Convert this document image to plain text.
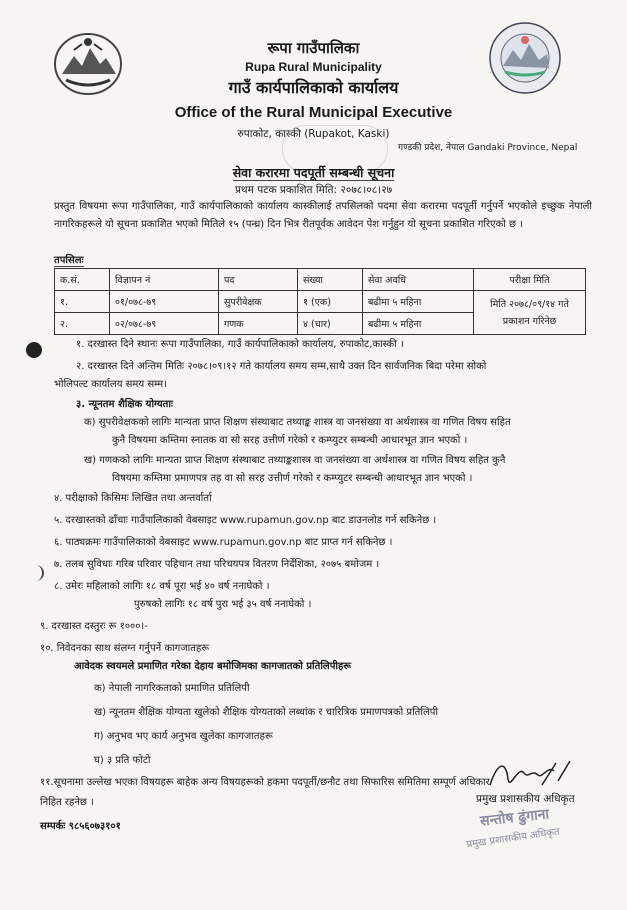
रूपा गाउँपालिका
Rupa Rural Municipality
गाउँ कार्यपालिकाको कार्यालय
Office of the Rural Municipal Executive
रुपाकोट, कास्की (Rupakot, Kaski)
गण्डकी प्रदेश, नेपाल Gandaki Province, Nepal
सेवा करारमा पदपूर्ती सम्बन्धी सूचना
प्रथम पटक प्रकाशित मिति: २०७८।०८।२७
प्रस्तुत विषयमा रूपा गाउँपालिका, गाउँ कार्यपालिकाको कार्यालय कास्कीलाई तपसिलको पदमा सेवा करारमा पदपूर्ती गर्नुपर्ने भएकोले इच्छुक नेपाली नागरिकहरूले यो सूचना प्रकाशित भएको मितिले १५ (पन्ध्र) दिन भित्र रीतपूर्वक आवेदन पेश गर्नुहुन यो सूचना प्रकाशित गरिएको छ ।
तपसिलः
क.सं.	विज्ञापन नं	पद	संख्या	सेवा अवधि	परीक्षा मिति
१.	०१/०७८-७९	सुपरीवेक्षक	१ (एक)	बढीमा ५ महिना	मिति २०७८/०९/१४ गते प्रकाशन गरिनेछ
२.	०२/०७८-७९	गणक	४ (चार)	बढीमा ५ महिना	
१. दरखास्त दिने स्थानः रूपा गाउँपालिका, गाउँ कार्यपालिकाको कार्यालय, रुपाकोट,कास्की ।
२. दरखास्त दिने अन्तिम मितिः २०७८।०९।१२ गते कार्यालय समय सम्म,साथै उक्त दिन सार्वजनिक बिदा परेमा सोको
भोलिपल्ट कार्यालय समय सम्म।
३. न्यूनतम शैक्षिक योग्यताः
क) सुपरीवेक्षकको लागिः मान्यता प्राप्त शिक्षण संस्थाबाट तथ्याङ्क शास्त्र वा जनसंख्या वा अर्थशास्त्र वा गणित विषय सहित
कुनै विषयमा कम्तिमा स्नातक वा सो सरह उत्तीर्ण गरेको र कम्प्युटर सम्बन्धी आधारभूत ज्ञान भएको ।
ख) गणकको लागिः मान्यता प्राप्त शिक्षण संस्थाबाट तथ्याङ्कशास्त्र वा जनसंख्या वा अर्थशास्त्र वा गणित विषय सहित कुनै
विषयमा कम्तिमा प्रमाणपत्र तह वा सो सरह उत्तीर्ण गरेको र कम्प्युटर सम्बन्धी आधारभूत ज्ञान भएको ।
४. परीक्षाको किसिमः लिखित तथा अन्तर्वार्ता
५. दरखास्तको ढाँचाः गाउँपालिकाको वेबसाइट www.rupamun.gov.np बाट डाउनलोड गर्न सकिनेछ ।
६. पाठ्यक्रमः गाउँपालिकाको वेबसाइट www.rupamun.gov.np बाट प्राप्त गर्न सकिनेछ ।
७. तलब सुविधाः गरिब परिवार पहिचान तथा परिचयपत्र वितरण निर्देशिका, २०७५ बमोजम ।
८. उमेरः महिलाको लागिः १८ वर्ष पूरा भई ४० वर्ष ननाघेको ।
पुरुषको लागिः १८ वर्ष पुरा भई ३५ वर्ष ननाघेको ।
९. दरखास्त दस्तुरः रू १०००।-
१०. निवेदनका साथ संलग्न गर्नुपर्ने कागजातहरू
आवेदक स्वयमले प्रमाणित गरेका देहाय बमोजिमका कागजातको प्रतिलिपीहरू
क) नेपाली नागरिकताको प्रमाणित प्रतिलिपी
ख) न्यूनतम शैक्षिक योग्यता खुलेको शैक्षिक योग्यताको लब्धांक र चारित्रिक प्रमाणपत्रको प्रतिलिपी
ग) अनुभव भए कार्य अनुभव खुलेका कागजातहरू
घ) ३ प्रति फोटो
११.सूचनामा उल्लेख भएका विषयहरू बाहेक अन्य विषयहरूको हकमा पदपूर्ती/छनौट तथा सिफारिस समितिमा सम्पूर्ण अधिकार
निहित रहनेछ ।
सम्पर्कः ९८५६०७३१०१
प्रमुख प्रशासकीय अधिकृत
सन्तोष ढुंगाना
प्रमुख प्रशासकीय अधिकृत
